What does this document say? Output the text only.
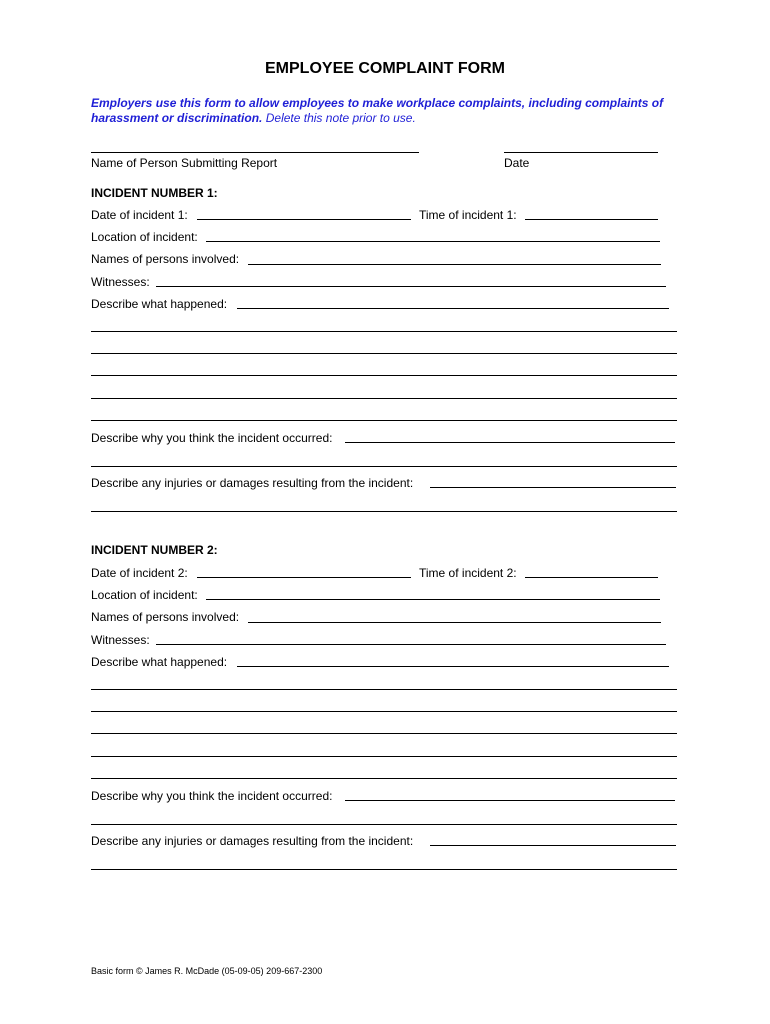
EMPLOYEE COMPLAINT FORM
Employers use this form to allow employees to make workplace complaints, including complaints of harassment or discrimination. Delete this note prior to use.
Name of Person Submitting Report	Date
INCIDENT NUMBER 1:
Date of incident 1:	Time of incident 1:
Location of incident:
Names of persons involved:
Witnesses:
Describe what happened:
Describe why you think the incident occurred:
Describe any injuries or damages resulting from the incident:
INCIDENT NUMBER 2:
Date of incident 2:	Time of incident 2:
Location of incident:
Names of persons involved:
Witnesses:
Describe what happened:
Describe why you think the incident occurred:
Describe any injuries or damages resulting from the incident:
Basic form © James R. McDade (05-09-05) 209-667-2300
